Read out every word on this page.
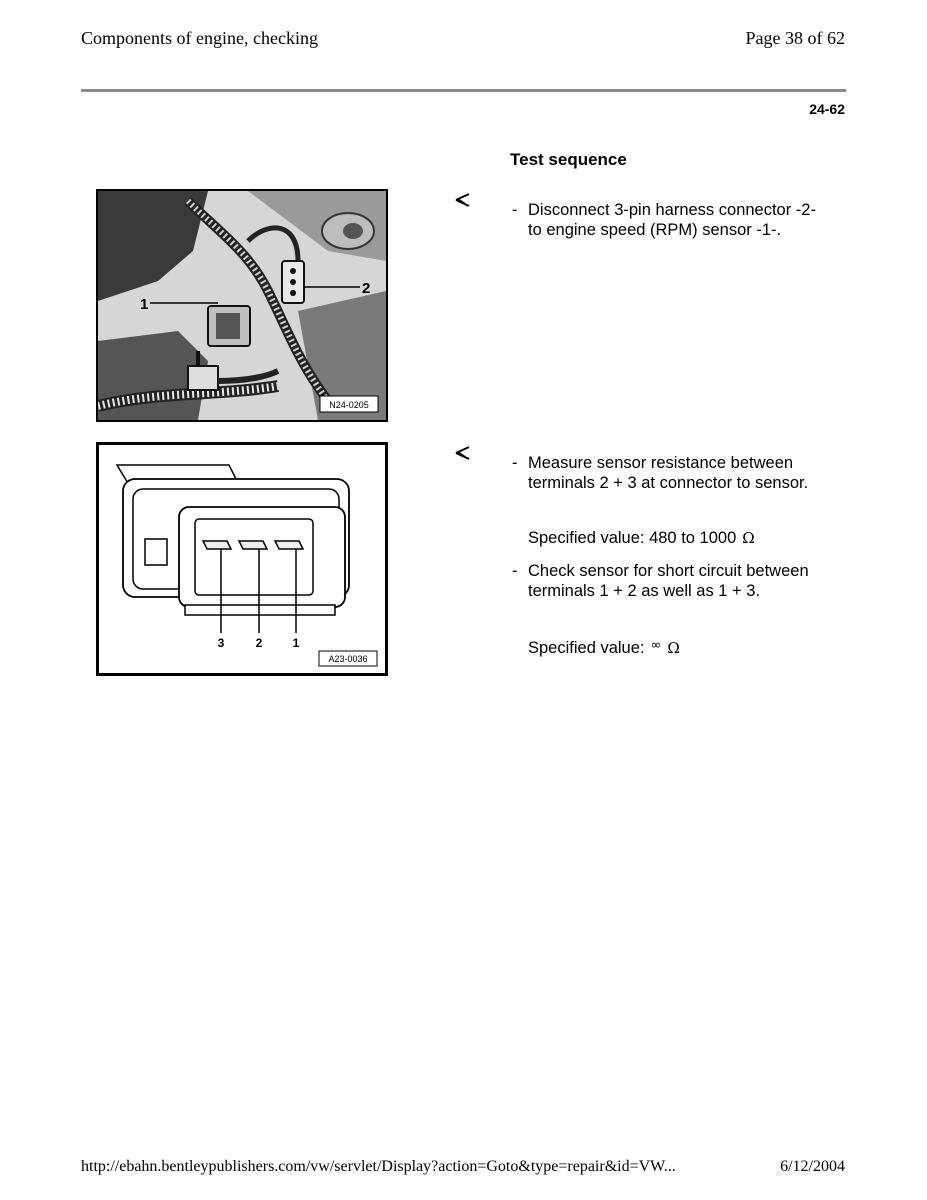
Components of engine, checking	Page 38 of 62
24-62
Test sequence
1
2
N24-0205
3	2	1
A23-0036
- Disconnect 3-pin harness connector -2- to engine speed (RPM) sensor -1-.
- Measure sensor resistance between terminals 2 + 3 at connector to sensor.
Specified value: 480 to 1000 Ω
- Check sensor for short circuit between terminals 1 + 2 as well as 1 + 3.
Specified value: ∞ Ω
http://ebahn.bentleypublishers.com/vw/servlet/Display?action=Goto&type=repair&id=VW...	6/12/2004
